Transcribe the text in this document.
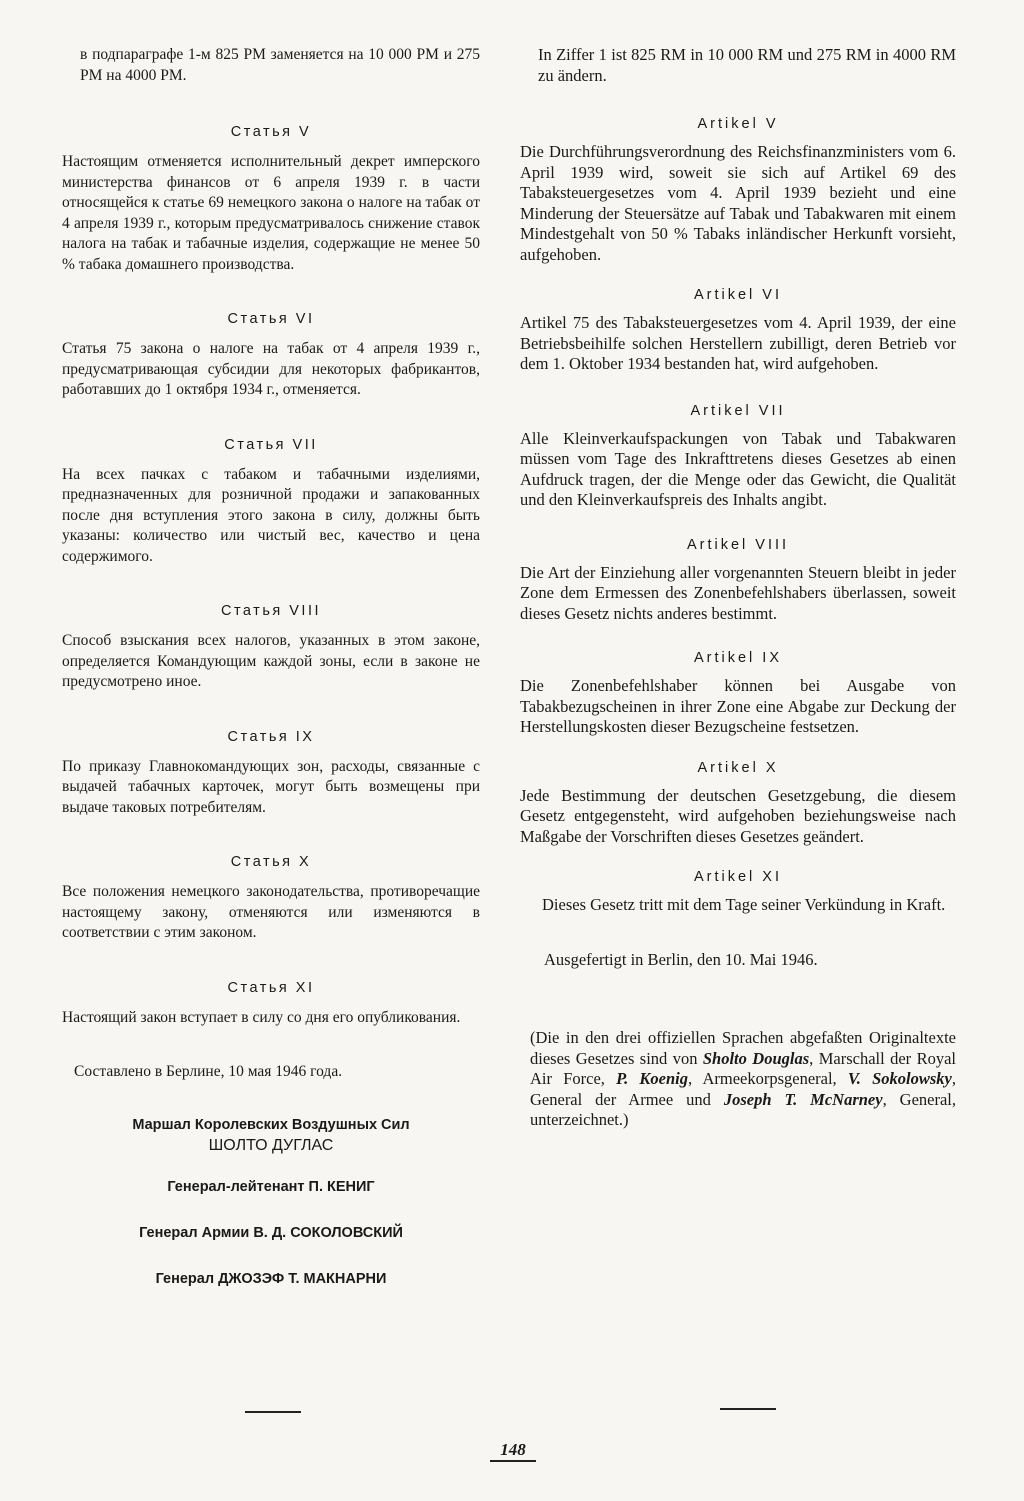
в подпараграфе 1-м 825 РМ заменяется на 10 000 РМ и 275 РМ на 4000 РМ.

Статья V

Настоящим отменяется исполнительный декрет имперского министерства финансов от 6 апреля 1939 г. в части относящейся к статье 69 немецкого закона о налоге на табак от 4 апреля 1939 г., которым предусматривалось снижение ставок налога на табак и табачные изделия, содержащие не менее 50 % табака домашнего производства.

Статья VI

Статья 75 закона о налоге на табак от 4 апреля 1939 г., предусматривающая субсидии для некоторых фабрикантов, работавших до 1 октября 1934 г., отменяется.

Статья VII

На всех пачках с табаком и табачными изделиями, предназначенных для розничной продажи и запакованных после дня вступления этого закона в силу, должны быть указаны: количество или чистый вес, качество и цена содержимого.

Статья VIII

Способ взыскания всех налогов, указанных в этом законе, определяется Командующим каждой зоны, если в законе не предусмотрено иное.

Статья IX

По приказу Главнокомандующих зон, расходы, связанные с выдачей табачных карточек, могут быть возмещены при выдаче таковых потребителям.

Статья X

Все положения немецкого законодательства, противоречащие настоящему закону, отменяются или изменяются в соответствии с этим законом.

Статья XI

Настоящий закон вступает в силу со дня его опубликования.

Составлено в Берлине, 10 мая 1946 года.

Маршал Королевских Воздушных Сил

ШОЛТО ДУГЛАС

Генерал-лейтенант П. КЕНИГ

Генерал Армии В. Д. СОКОЛОВСКИЙ

Генерал ДЖОЗЭФ Т. МАКНАРНИ

In Ziffer 1 ist 825 RM in 10 000 RM und 275 RM in 4000 RM zu ändern.

Artikel V

Die Durchführungsverordnung des Reichsfinanzministers vom 6. April 1939 wird, soweit sie sich auf Artikel 69 des Tabaksteuergesetzes vom 4. April 1939 bezieht und eine Minderung der Steuersätze auf Tabak und Tabakwaren mit einem Mindestgehalt von 50 % Tabaks inländischer Herkunft vorsieht, aufgehoben.

Artikel VI

Artikel 75 des Tabaksteuergesetzes vom 4. April 1939, der eine Betriebsbeihilfe solchen Herstellern zubilligt, deren Betrieb vor dem 1. Oktober 1934 bestanden hat, wird aufgehoben.

Artikel VII

Alle Kleinverkaufspackungen von Tabak und Tabakwaren müssen vom Tage des Inkrafttretens dieses Gesetzes ab einen Aufdruck tragen, der die Menge oder das Gewicht, die Qualität und den Kleinverkaufspreis des Inhalts angibt.

Artikel VIII

Die Art der Einziehung aller vorgenannten Steuern bleibt in jeder Zone dem Ermessen des Zonenbefehlshabers überlassen, soweit dieses Gesetz nichts anderes bestimmt.

Artikel IX

Die Zonenbefehlshaber können bei Ausgabe von Tabakbezugscheinen in ihrer Zone eine Abgabe zur Deckung der Herstellungskosten dieser Bezugscheine festsetzen.

Artikel X

Jede Bestimmung der deutschen Gesetzgebung, die diesem Gesetz entgegensteht, wird aufgehoben beziehungsweise nach Maßgabe der Vorschriften dieses Gesetzes geändert.

Artikel XI

Dieses Gesetz tritt mit dem Tage seiner Verkündung in Kraft.

Ausgefertigt in Berlin, den 10. Mai 1946.

(Die in den drei offiziellen Sprachen abgefaßten Originaltexte dieses Gesetzes sind von Sholto Douglas, Marschall der Royal Air Force, P. Koenig, Armeekorpsgeneral, V. Sokolowsky, General der Armee und Joseph T. McNarney, General, unterzeichnet.)

148
